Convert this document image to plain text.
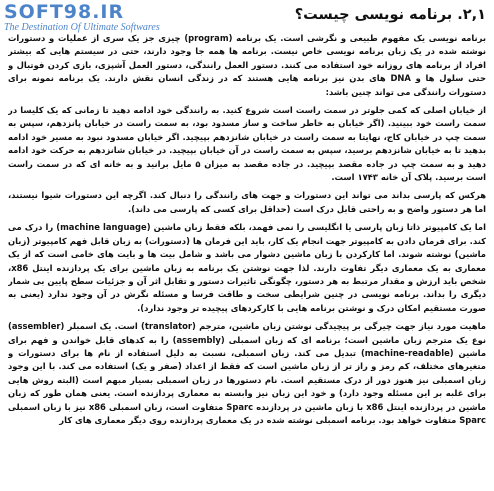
SOFT98.IR
The Destination Of Ultimate Softwares
۲,۱. برنامه نویسی چیست؟

برنامه نویسی یک مفهوم طبیعی و نگرشی است. یک برنامه (program) چیزی جز یک سری از عملیات و دستورات نوشته شده در یک زبان برنامه نویسی خاص نیست. برنامه ها همه جا وجود دارند، حتی در سیستم هایی که بیشتر افراد از برنامه های روزانه خود استفاده می کنند. دستور العمل رانندگی، دستور العمل آشپزی، بازی کردن فوتبال و حتی سلول ها و DNA های بدن نیز برنامه هایی هستند که در زندگی انسان نقش دارند. یک برنامه نمونه برای دستورات رانندگی می تواند چنین باشد:

از خیابان اصلی که کمی جلوتر در سمت راست است شروع کنید. به رانندگی خود ادامه دهید تا زمانی که یک کلیسا در سمت راست خود ببینید. (اگر خیابان به خاطر ساخت و ساز مسدود بود، به سمت راست در خیابان پانزدهم، سپس به سمت چپ در خیابان کاج، نهایتا به سمت راست در خیابان شانزدهم بپیچید. اگر خیابان مسدود نبود به مسیر خود ادامه بدهید تا به خیابان شانزدهم برسید، سپس به سمت راست در آن خیابان بپیچید. در خیابان شانزدهم به حرکت خود ادامه دهید و به سمت چپ در جاده مقصد بپیچید. در جاده مقصد به میزان ۵ مایل برانید و به خانه ای که در سمت راست است برسید. پلاک آن خانه ۱۷۴۳ است.

هرکس که پارسی بداند می تواند این دستورات و جهت های رانندگی را دنبال کند. اگرچه این دستورات شیوا نیستند، اما هر دستور واضح و به راحتی قابل درک است (حداقل برای کسی که پارسی می داند).

اما یک کامپیوتر ذاتا زبان پارسی یا انگلیسی را نمی فهمد، بلکه فقط زبان ماشین (machine language) را درک می کند. برای فرمان دادن به کامپیوتر جهت انجام یک کار، باید این فرمان ها (دستورات) به زبان قابل فهم کامپیوتر (زبان ماشین) نوشته شوند. اما کارکردن با زبان ماشین دشوار می باشد و شامل بیت ها و بایت های خامی است که از یک معماری به یک معماری دیگر تفاوت دارند. لذا جهت نوشتن یک برنامه به زبان ماشین برای یک پردازنده اینتل x86، شخص باید ارزش و مقدار مرتبط به هر دستور، چگونگی تاثیرات دستور و تقابل اثر آن و جزئیات سطح پایین بی شمار دیگری را بداند. برنامه نویسی در چنین شرایطی سخت و طاقت فرسا و مسئله نگرش در آن وجود ندارد (یعنی به صورت مستقیم امکان درک و نوشتن برنامه هایی با کارکردهای پیچیده تر وجود ندارد).

ماهیت مورد نیاز جهت چیرگی بر پیچیدگی نوشتن زبان ماشین، مترجم (translator) است. یک اسمبلر (assembler) نوع یک مترجم زبان ماشین است؛ برنامه ای که زبان اسمبلی (assembly) را به کدهای قابل خواندن و فهم برای ماشین (machine-readable) تبدیل می کند. زبان اسمبلی، نسبت به دلیل استفاده از نام ها برای دستورات و متغیرهای مختلف، کم رمز و راز تر از زبان ماشین است که فقط از اعداد (صفر و یک) استفاده می کند. با این وجود زبان اسمبلی نیز هنوز دور از درک مستقیم است. نام دستورها در زبان اسمبلی بسیار مبهم است (البته روش هایی برای غلبه بر این مسئله وجود دارد) و خود این زبان نیز وابسته به معماری پردازنده است. یعنی همان طور که زبان ماشین در پردازنده اینتل x86 با زبان ماشین در پردازنده Sparc متفاوت است، زبان اسمبلی x86 نیز با زبان اسمبلی Sparc متفاوت خواهد بود. برنامه اسمبلی نوشته شده در یک معماری پردازنده روی دیگر معماری های کار
